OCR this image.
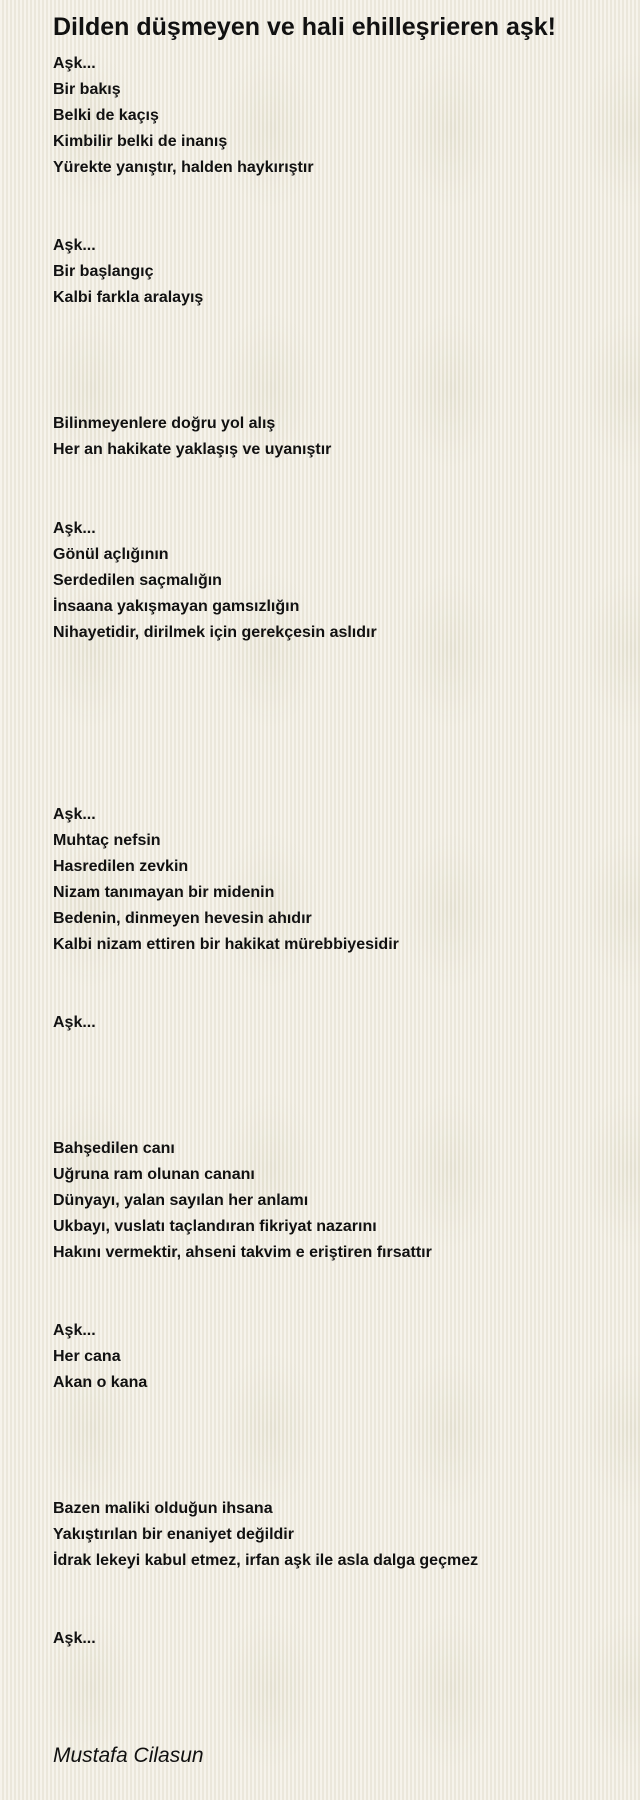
Dilden düşmeyen ve hali ehilleşrieren aşk!
Aşk...
Bir bakış
Belki de kaçış
Kimbilir belki de inanış
Yürekte yanıştır, halden haykırıştır
Aşk...
Bir başlangıç
Kalbi farkla aralayış
Bilinmeyenlere doğru yol alış
Her an hakikate yaklaşış ve uyanıştır
Aşk...
Gönül açlığının
Serdedilen saçmalığın
İnsaana yakışmayan gamsızlığın
Nihayetidir, dirilmek için gerekçesin aslıdır
Aşk...
Muhtaç nefsin
Hasredilen zevkin
Nizam tanımayan bir midenin
Bedenin, dinmeyen hevesin ahıdır
Kalbi nizam ettiren bir hakikat mürebbiyesidir
Aşk...
Bahşedilen canı
Uğruna ram olunan cananı
Dünyayı, yalan sayılan her anlamı
Ukbayı, vuslatı taçlandıran fikriyat nazarını
Hakını vermektir, ahseni takvim e eriştiren fırsattır
Aşk...
Her cana
Akan o kana
Bazen maliki olduğun ihsana
Yakıştırılan bir enaniyet değildir
İdrak lekeyi kabul etmez, irfan aşk ile asla dalga geçmez
Aşk...
Mustafa Cilasun
